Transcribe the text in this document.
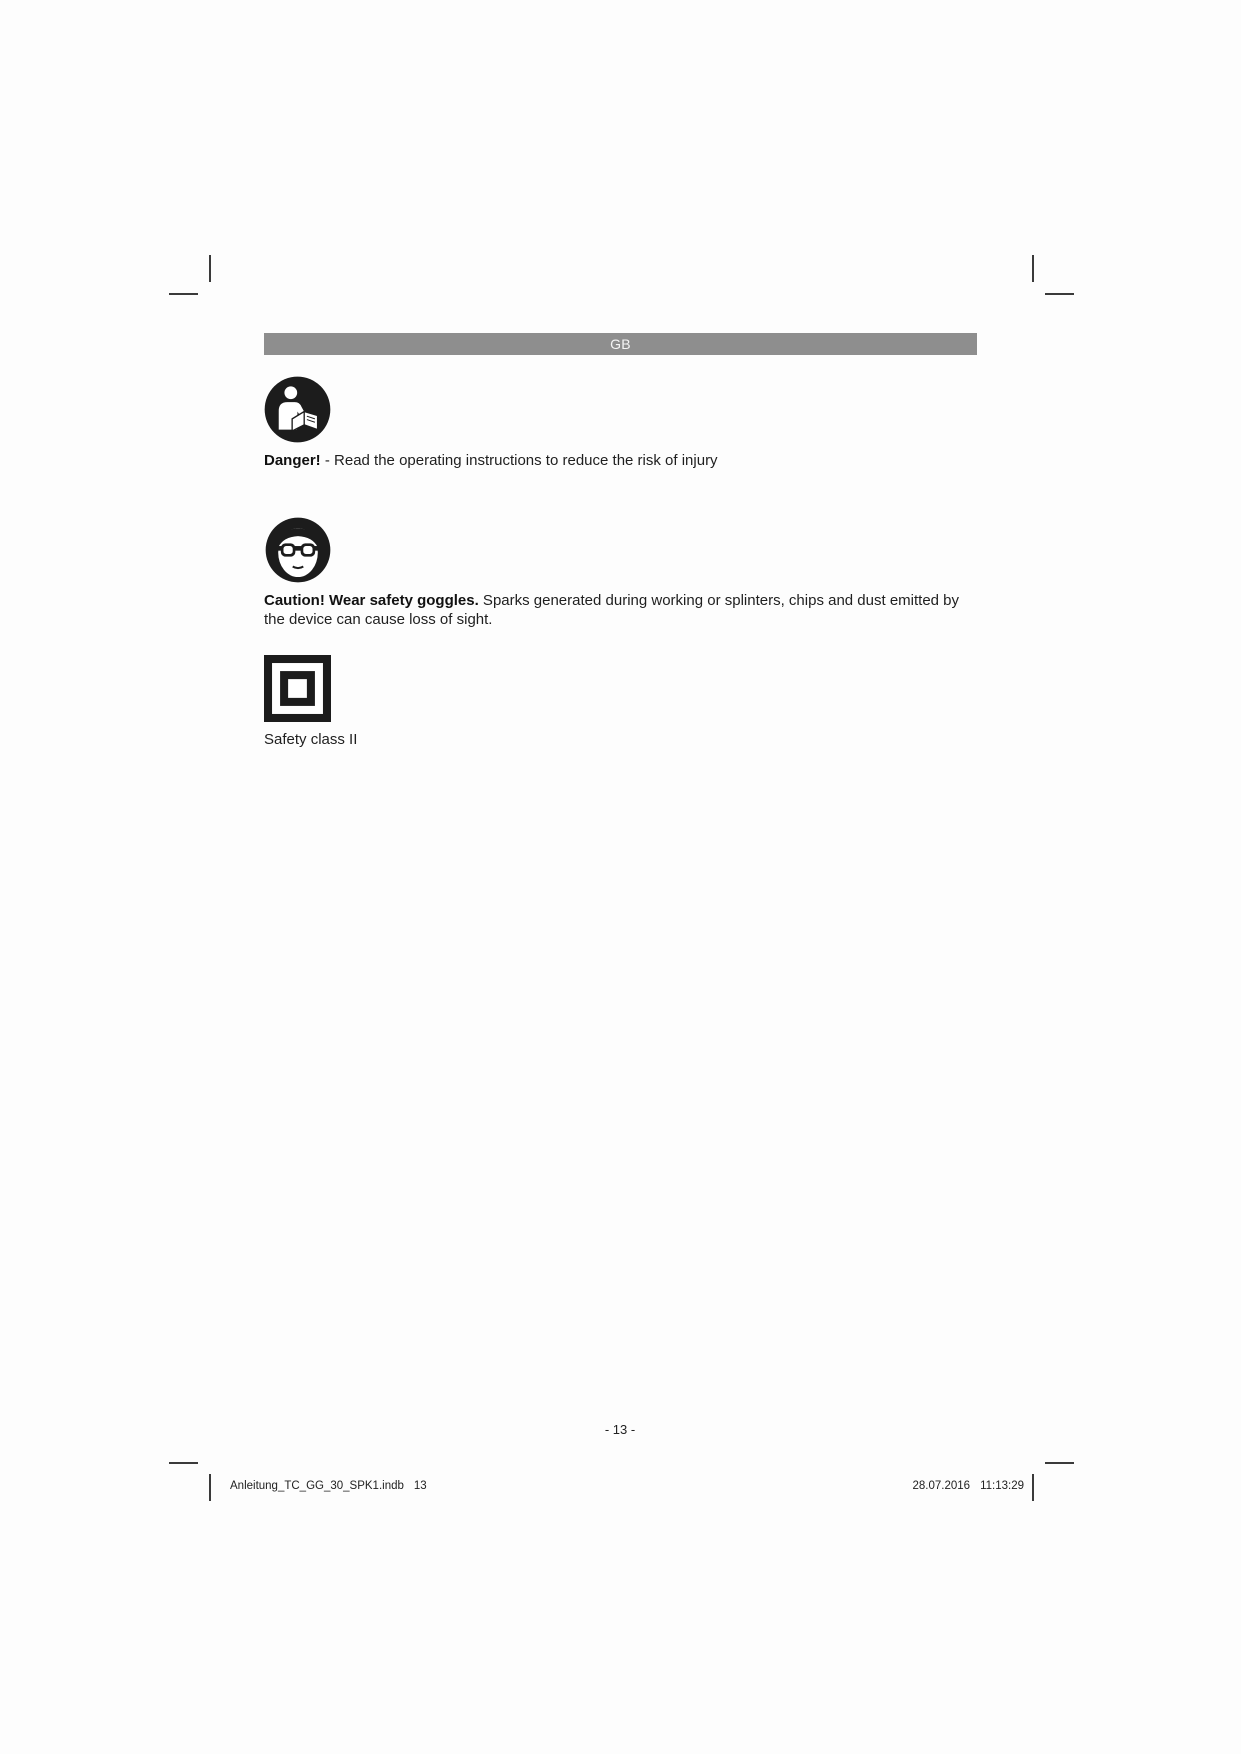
GB
Danger! - Read the operating instructions to reduce the risk of injury
Caution! Wear safety goggles. Sparks generated during working or splinters, chips and dust emitted by the device can cause loss of sight.
Safety class II
- 13 -
Anleitung_TC_GG_30_SPK1.indb 13	28.07.2016 11:13:29
